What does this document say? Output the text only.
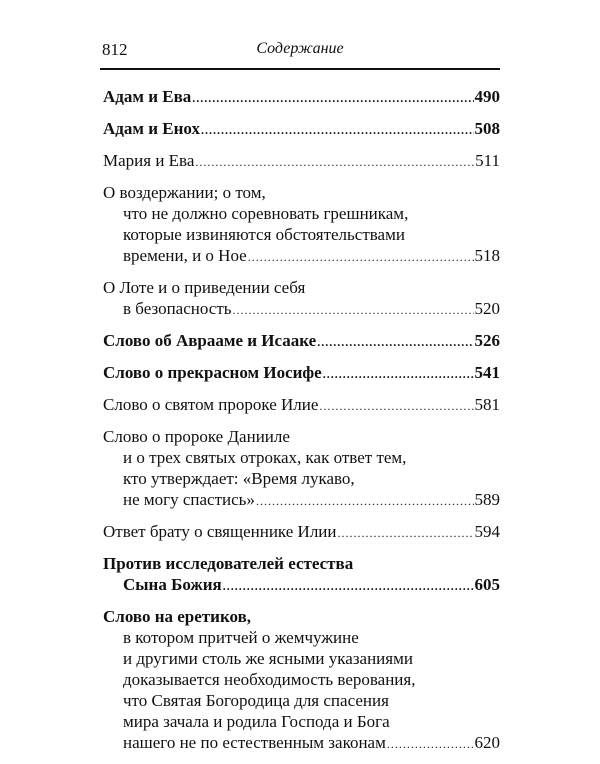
812	Содержание
Адам и Ева .....	490
Адам и Енох .....	508
Мария и Ева .....	511
О воздержании; о том,
что не должно соревновать грешникам,
которые извиняются обстоятельствами
времени, и о Ное .....	518
О Лоте и о приведении себя
в безопасность .....	520
Слово об Аврааме и Исааке .....	526
Слово о прекрасном Иосифе .....	541
Слово о святом пророке Илие .....	581
Слово о пророке Данииле
и о трех святых отроках, как ответ тем,
кто утверждает: «Время лукаво,
не могу спастись» .....	589
Ответ брату о священнике Илии .....	594
Против исследователей естества
Сына Божия .....	605
Слово на еретиков,
в котором притчей о жемчужине
и другими столь же ясными указаниями
доказывается необходимость верования,
что Святая Богородица для спасения
мира зачала и родила Господа и Бога
нашего не по естественным законам .....	620
